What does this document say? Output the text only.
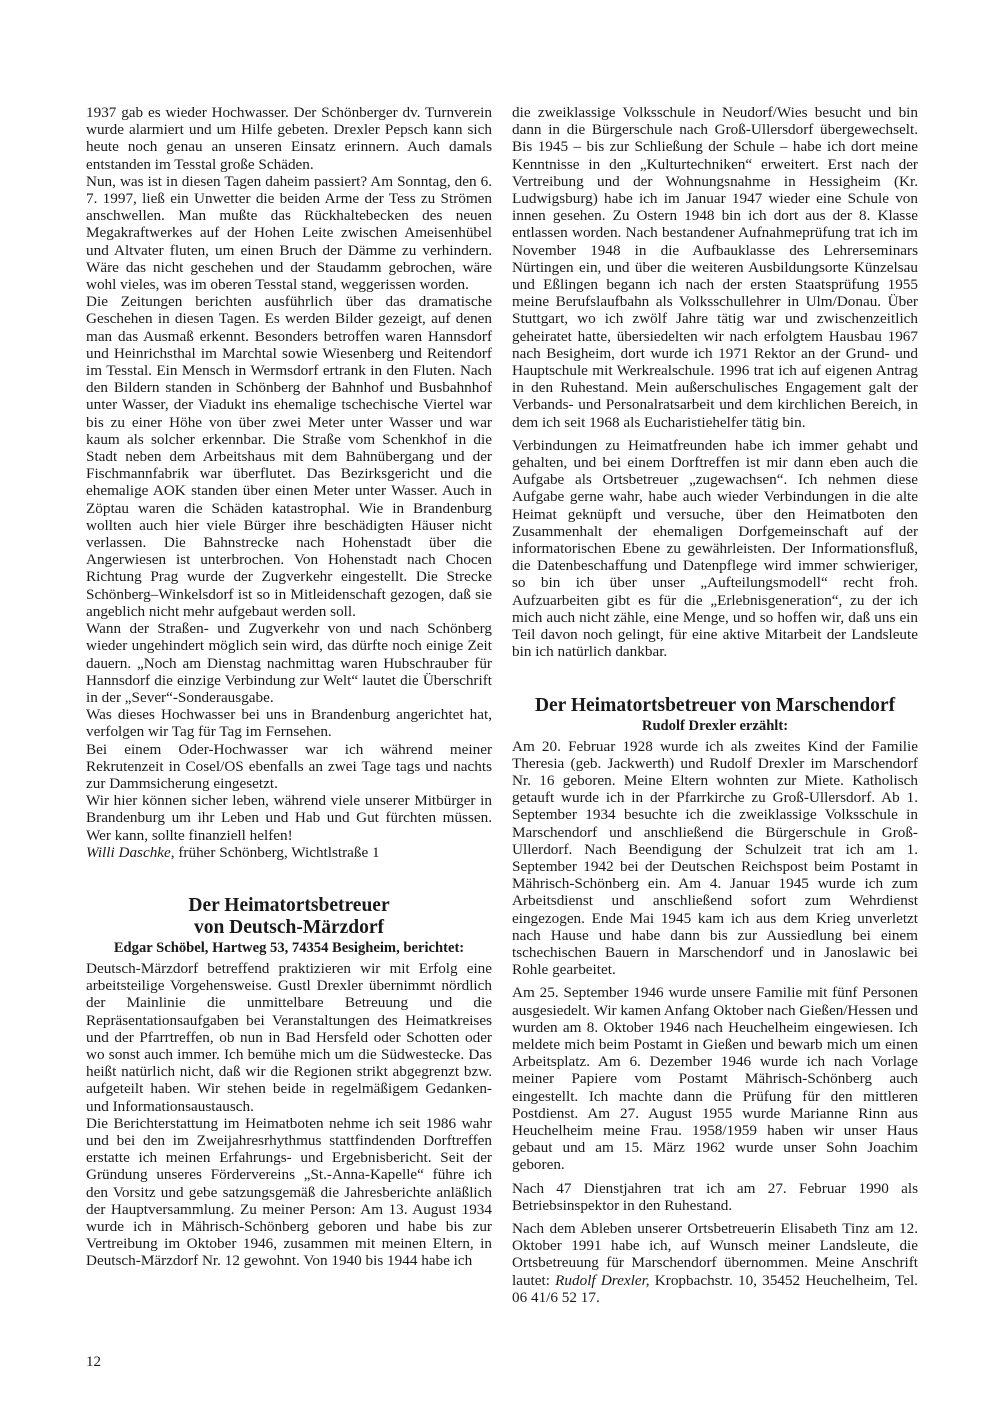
1937 gab es wieder Hochwasser. Der Schönberger dv. Turnverein wurde alarmiert und um Hilfe gebeten. Drexler Pepsch kann sich heute noch genau an unseren Einsatz erinnern. Auch damals entstanden im Tesstal große Schäden.

Nun, was ist in diesen Tagen daheim passiert? Am Sonntag, den 6. 7. 1997, ließ ein Unwetter die beiden Arme der Tess zu Strömen anschwellen. Man mußte das Rückhaltebecken des neuen Megakraftwerkes auf der Hohen Leite zwischen Ameisenhübel und Altvater fluten, um einen Bruch der Dämme zu verhindern. Wäre das nicht geschehen und der Staudamm gebrochen, wäre wohl vieles, was im oberen Tesstal stand, weggerissen worden.

Die Zeitungen berichten ausführlich über das dramatische Geschehen in diesen Tagen. Es werden Bilder gezeigt, auf denen man das Ausmaß erkennt. Besonders betroffen waren Hannsdorf und Heinrichsthal im Marchtal sowie Wiesenberg und Reitendorf im Tesstal. Ein Mensch in Wermsdorf ertrank in den Fluten. Nach den Bildern standen in Schönberg der Bahnhof und Busbahnhof unter Wasser, der Viadukt ins ehemalige tschechische Viertel war bis zu einer Höhe von über zwei Meter unter Wasser und war kaum als solcher erkennbar. Die Straße vom Schenkhof in die Stadt neben dem Arbeitshaus mit dem Bahnübergang und der Fischmannfabrik war überflutet. Das Bezirksgericht und die ehemalige AOK standen über einen Meter unter Wasser. Auch in Zöptau waren die Schäden katastrophal. Wie in Brandenburg wollten auch hier viele Bürger ihre beschädigten Häuser nicht verlassen. Die Bahnstrecke nach Hohenstadt über die Angerwiesen ist unterbrochen. Von Hohenstadt nach Chocen Richtung Prag wurde der Zugverkehr eingestellt. Die Strecke Schönberg–Winkelsdorf ist so in Mitleidenschaft gezogen, daß sie angeblich nicht mehr aufgebaut werden soll.

Wann der Straßen- und Zugverkehr von und nach Schönberg wieder ungehindert möglich sein wird, das dürfte noch einige Zeit dauern. „Noch am Dienstag nachmittag waren Hubschrauber für Hannsdorf die einzige Verbindung zur Welt“ lautet die Überschrift in der „Sever“-Sonderausgabe.

Was dieses Hochwasser bei uns in Brandenburg angerichtet hat, verfolgen wir Tag für Tag im Fernsehen.

Bei einem Oder-Hochwasser war ich während meiner Rekrutenzeit in Cosel/OS ebenfalls an zwei Tage tags und nachts zur Dammsicherung eingesetzt.

Wir hier können sicher leben, während viele unserer Mitbürger in Brandenburg um ihr Leben und Hab und Gut fürchten müssen. Wer kann, sollte finanziell helfen!

Willi Daschke, früher Schönberg, Wichtlstraße 1

Der Heimatortsbetreuer
von Deutsch-Märzdorf
Edgar Schöbel, Hartweg 53, 74354 Besigheim, berichtet:

Deutsch-Märzdorf betreffend praktizieren wir mit Erfolg eine arbeitsteilige Vorgehensweise. Gustl Drexler übernimmt nördlich der Mainlinie die unmittelbare Betreuung und die Repräsentationsaufgaben bei Veranstaltungen des Heimatkreises und der Pfarrtreffen, ob nun in Bad Hersfeld oder Schotten oder wo sonst auch immer. Ich bemühe mich um die Südwestecke. Das heißt natürlich nicht, daß wir die Regionen strikt abgegrenzt bzw. aufgeteilt haben. Wir stehen beide in regelmäßigem Gedanken- und Informationsaustausch.

Die Berichterstattung im Heimatboten nehme ich seit 1986 wahr und bei den im Zweijahresrhythmus stattfindenden Dorftreffen erstatte ich meinen Erfahrungs- und Ergebnisbericht. Seit der Gründung unseres Fördervereins „St.-Anna-Kapelle“ führe ich den Vorsitz und gebe satzungsgemäß die Jahresberichte anläßlich der Hauptversammlung. Zu meiner Person: Am 13. August 1934 wurde ich in Mährisch-Schönberg geboren und habe bis zur Vertreibung im Oktober 1946, zusammen mit meinen Eltern, in Deutsch-Märzdorf Nr. 12 gewohnt. Von 1940 bis 1944 habe ich

die zweiklassige Volksschule in Neudorf/Wies besucht und bin dann in die Bürgerschule nach Groß-Ullersdorf übergewechselt. Bis 1945 – bis zur Schließung der Schule – habe ich dort meine Kenntnisse in den „Kulturtechniken“ erweitert. Erst nach der Vertreibung und der Wohnungsnahme in Hessigheim (Kr. Ludwigsburg) habe ich im Januar 1947 wieder eine Schule von innen gesehen. Zu Ostern 1948 bin ich dort aus der 8. Klasse entlassen worden. Nach bestandener Aufnahmeprüfung trat ich im November 1948 in die Aufbauklasse des Lehrerseminars Nürtingen ein, und über die weiteren Ausbildungsorte Künzelsau und Eßlingen begann ich nach der ersten Staatsprüfung 1955 meine Berufslaufbahn als Volksschullehrer in Ulm/Donau. Über Stuttgart, wo ich zwölf Jahre tätig war und zwischenzeitlich geheiratet hatte, übersiedelten wir nach erfolgtem Hausbau 1967 nach Besigheim, dort wurde ich 1971 Rektor an der Grund- und Hauptschule mit Werkrealschule. 1996 trat ich auf eigenen Antrag in den Ruhestand. Mein außerschulisches Engagement galt der Verbands- und Personalratsarbeit und dem kirchlichen Bereich, in dem ich seit 1968 als Eucharistiehelfer tätig bin.

Verbindungen zu Heimatfreunden habe ich immer gehabt und gehalten, und bei einem Dorftreffen ist mir dann eben auch die Aufgabe als Ortsbetreuer „zugewachsen“. Ich nehmen diese Aufgabe gerne wahr, habe auch wieder Verbindungen in die alte Heimat geknüpft und versuche, über den Heimatboten den Zusammenhalt der ehemaligen Dorfgemeinschaft auf der informatorischen Ebene zu gewährleisten. Der Informationsfluß, die Datenbeschaffung und Datenpflege wird immer schwieriger, so bin ich über unser „Aufteilungsmodell“ recht froh. Aufzuarbeiten gibt es für die „Erlebnisgeneration“, zu der ich mich auch nicht zähle, eine Menge, und so hoffen wir, daß uns ein Teil davon noch gelingt, für eine aktive Mitarbeit der Landsleute bin ich natürlich dankbar.

Der Heimatortsbetreuer von Marschendorf
Rudolf Drexler erzählt:

Am 20. Februar 1928 wurde ich als zweites Kind der Familie Theresia (geb. Jackwerth) und Rudolf Drexler im Marschendorf Nr. 16 geboren. Meine Eltern wohnten zur Miete. Katholisch getauft wurde ich in der Pfarrkirche zu Groß-Ullersdorf. Ab 1. September 1934 besuchte ich die zweiklassige Volksschule in Marschendorf und anschließend die Bürgerschule in Groß-Ullerdorf. Nach Beendigung der Schulzeit trat ich am 1. September 1942 bei der Deutschen Reichspost beim Postamt in Mährisch-Schönberg ein. Am 4. Januar 1945 wurde ich zum Arbeitsdienst und anschließend sofort zum Wehrdienst eingezogen. Ende Mai 1945 kam ich aus dem Krieg unverletzt nach Hause und habe dann bis zur Aussiedlung bei einem tschechischen Bauern in Marschendorf und in Janoslawic bei Rohle gearbeitet.

Am 25. September 1946 wurde unsere Familie mit fünf Personen ausgesiedelt. Wir kamen Anfang Oktober nach Gießen/Hessen und wurden am 8. Oktober 1946 nach Heuchelheim eingewiesen. Ich meldete mich beim Postamt in Gießen und bewarb mich um einen Arbeitsplatz. Am 6. Dezember 1946 wurde ich nach Vorlage meiner Papiere vom Postamt Mährisch-Schönberg auch eingestellt. Ich machte dann die Prüfung für den mittleren Postdienst. Am 27. August 1955 wurde Marianne Rinn aus Heuchelheim meine Frau. 1958/1959 haben wir unser Haus gebaut und am 15. März 1962 wurde unser Sohn Joachim geboren.

Nach 47 Dienstjahren trat ich am 27. Februar 1990 als Betriebsinspektor in den Ruhestand.

Nach dem Ableben unserer Ortsbetreuerin Elisabeth Tinz am 12. Oktober 1991 habe ich, auf Wunsch meiner Landsleute, die Ortsbetreuung für Marschendorf übernommen. Meine Anschrift lautet: Rudolf Drexler, Kropbachstr. 10, 35452 Heuchelheim, Tel. 06 41/6 52 17.

12
